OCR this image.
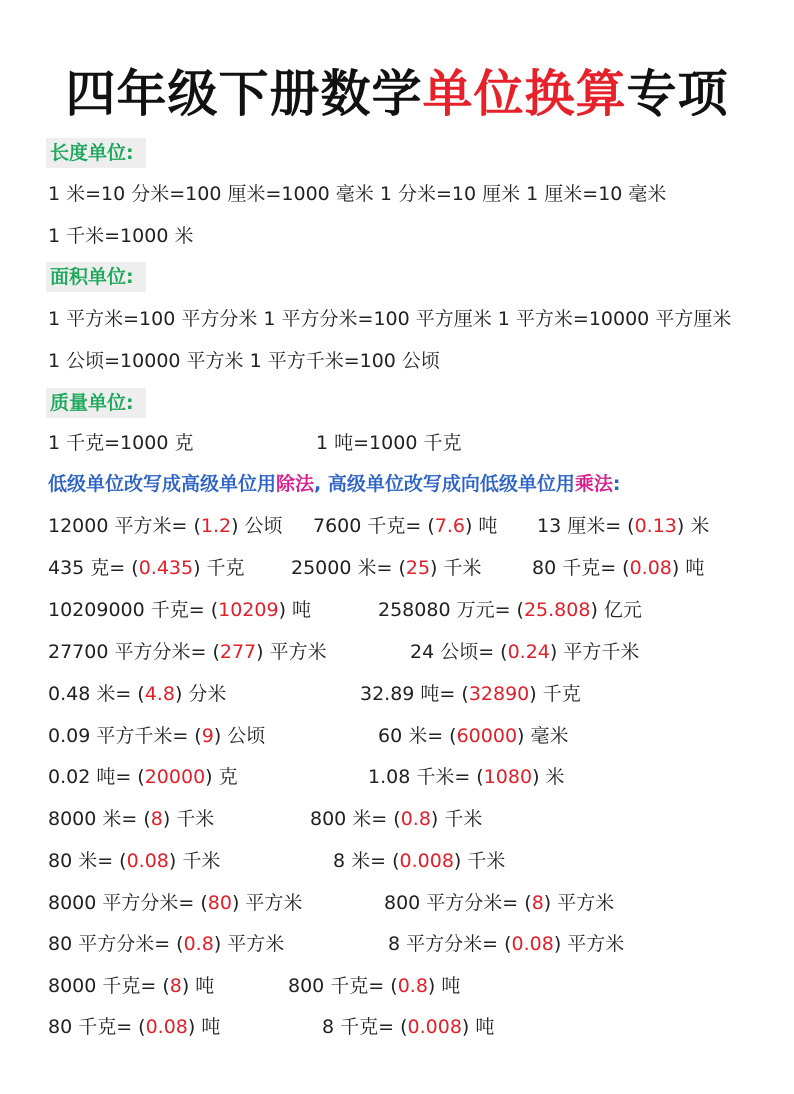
四年级下册数学单位换算专项
长度单位:
1 米=10 分米=100 厘米=1000 毫米 1 分米=10 厘米 1 厘米=10 毫米
1 千米=1000 米
面积单位:
1 平方米=100 平方分米 1 平方分米=100 平方厘米 1 平方米=10000 平方厘米
1 公顷=10000 平方米 1 平方千米=100 公顷
质量单位:
1 千克=1000 克	1 吨=1000 千克
低级单位改写成高级单位用除法, 高级单位改写成向低级单位用乘法:
12000 平方米= (1.2) 公顷 7600 千克= (7.6) 吨 13 厘米= (0.13) 米
435 克= (0.435) 千克 25000 米= (25) 千米	80 千克= (0.08) 吨
10209000 千克= (10209) 吨	258080 万元= (25.808) 亿元
27700 平方分米= (277) 平方米	24 公顷= (0.24) 平方千米
0.48 米= (4.8) 分米	32.89 吨= (32890) 千克
0.09 平方千米= (9) 公顷	60 米= (60000) 毫米
0.02 吨= (20000) 克	1.08 千米= (1080) 米
8000 米= (8) 千米	800 米= (0.8) 千米
80 米= (0.08) 千米	8 米= (0.008) 千米
8000 平方分米= (80) 平方米	800 平方分米= (8) 平方米
80 平方分米= (0.8) 平方米	8 平方分米= (0.08) 平方米
8000 千克= (8) 吨	800 千克= (0.8) 吨
80 千克= (0.08) 吨	8 千克= (0.008) 吨
